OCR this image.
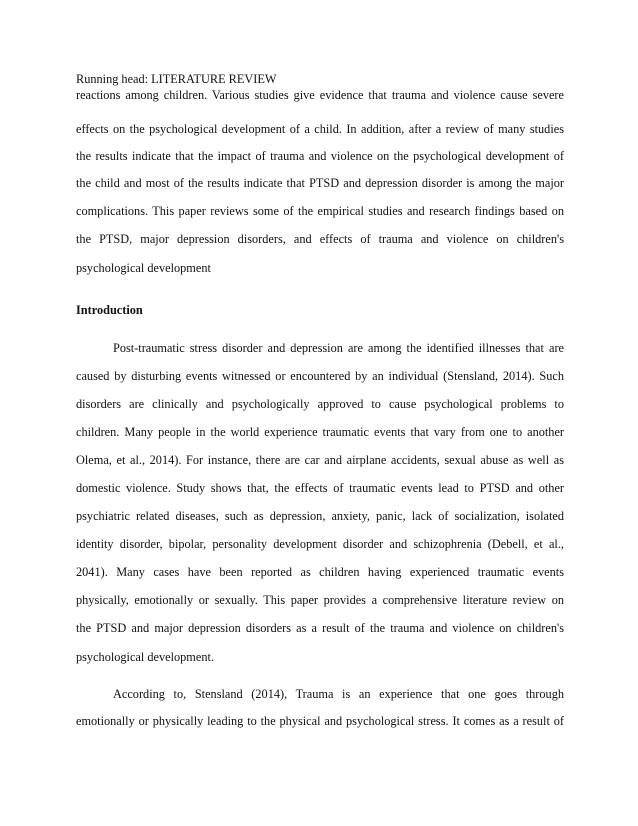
Running head: LITERATURE REVIEW
reactions among children. Various studies give evidence that trauma and violence cause severe
effects on the psychological development of a child. In addition, after a review of many studies
the results indicate that the impact of trauma and violence on the psychological development of
the child and most of the results indicate that PTSD and depression disorder is among the major
complications. This paper reviews some of the empirical studies and research findings based on
the PTSD, major depression disorders, and effects of trauma and violence on children's
psychological development
Introduction
Post-traumatic stress disorder and depression are among the identified illnesses that are
caused by disturbing events witnessed or encountered by an individual (Stensland, 2014). Such
disorders are clinically and psychologically approved to cause psychological problems to
children. Many people in the world experience traumatic events that vary from one to another
Olema, et al., 2014). For instance, there are car and airplane accidents, sexual abuse as well as
domestic violence. Study shows that, the effects of traumatic events lead to PTSD and other
psychiatric related diseases, such as depression, anxiety, panic, lack of socialization, isolated
identity disorder, bipolar, personality development disorder and schizophrenia (Debell, et al.,
2041). Many cases have been reported as children having experienced traumatic events
physically, emotionally or sexually. This paper provides a comprehensive literature review on
the PTSD and major depression disorders as a result of the trauma and violence on children's
psychological development.
According to, Stensland (2014), Trauma is an experience that one goes through
emotionally or physically leading to the physical and psychological stress. It comes as a result of
